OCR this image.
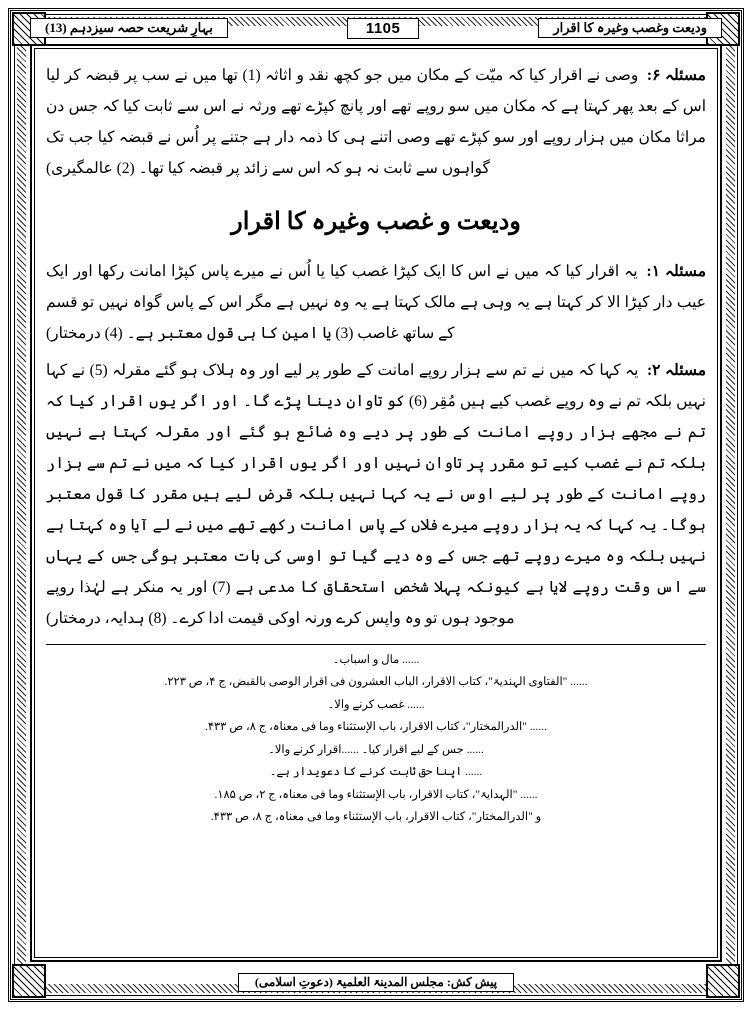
بہارِ شریعت حصہ سیزدہم (13)	1105	ودیعت وغصب وغیرہ کا اقرار

مسئلہ ۶: وصی نے اقرار کیا کہ میّت کے مکان میں جو کچھ نقد و اثاثہ (1) تھا میں نے سب پر قبضہ کر لیا اس کے بعد پھر کہتا ہے کہ مکان میں سو روپے تھے اور پانچ کپڑے تھے ورثہ نے اس سے ثابت کیا کہ جس دن مراثا مکان میں ہزار روپے اور سو کپڑے تھے وصی اتنے ہی کا ذمہ دار ہے جتنے پر اُس نے قبضہ کیا جب تک گواہوں سے ثابت نہ ہو کہ اس سے زائد پر قبضہ کیا تھا۔ (2) عالمگیری)

ودیعت و غصب وغیرہ کا اقرار

مسئلہ ۱: یہ اقرار کیا کہ میں نے اس کا ایک کپڑا غصب کیا یا اُس نے میرے پاس کپڑا امانت رکھا اور ایک عیب دار کپڑا الا کر کہتا ہے یہ وہی ہے مالک کہتا ہے یہ وہ نہیں ہے مگر اس کے پاس گواہ نہیں تو قسم کے ساتھ غاصب (3) یا امین کا ہی قول معتبر ہے۔ (4) درمختار)

مسئلہ ۲: یہ کہا کہ میں نے تم سے ہزار روپے امانت کے طور پر لیے اور وہ ہلاک ہو گئے مقرلہ (5) نے کہا نہیں بلکہ تم نے وہ روپے غصب کیے ہیں مُقِر (6) کو تاوان دینا پڑے گا۔ اور اگر یوں اقرار کیا کہ تم نے مجھے ہزار روپے امانت کے طور پر دیے وہ ضائع ہو گئے اور مقرلہ کہتا ہے نہیں بلکہ تم نے غصب کیے تو مقرر پر تاوان نہیں اور اگر یوں اقرار کیا کہ میں نے تم سے ہزار روپے امانت کے طور پر لیے اوس نے یہ کہا نہیں بلکہ قرض لیے ہیں مقرر کا قول معتبر ہوگا۔ یہ کہا کہ یہ ہزار روپے میرے فلاں کے پاس امانت رکھے تھے میں نے لے آیا وہ کہتا ہے نہیں بلکہ وہ میرے روپے تھے جس کے وہ دیے گیا تو اوسی کی بات معتبر ہوگی جس کے یہاں سے اس وقت روپے لایا ہے کیونکہ پہلا شخص استحقاق کا مدعی ہے (7) اور یہ منکر ہے لہٰذا روپے موجود ہوں تو وہ واپس کرے ورنہ اوکی قیمت ادا کرے۔ (8) ہدایہ، درمختار)

...... مال و اسباب۔

...... "الفتاوی الہندیۃ"، کتاب الاقرار، الباب العشرون فی اقرار الوصی بالقبض، ج ۴، ص ۲۲۳.

...... غصب کرنے والا۔

...... "الدرالمختار"، کتاب الاقرار، باب الإستثناء وما فی معناہ، ج ۸، ص ۴۳۳.

...... جس کے لیے اقرار کیا۔ ......اقرار کرنے والا۔

...... اپنا حق ثابت کرنے کا دعویدار ہے۔

...... "الہدایۃ"، کتاب الاقرار، باب الإستثناء وما فی معناہ، ج ۲، ص ۱۸۵.

و "الدرالمختار"، کتاب الاقرار، باب الإستثناء وما فی معناہ، ج ۸، ص ۴۳۳.

پیش کش: مجلس المدینۃ العلمیۃ (دعوتِ اسلامی)
